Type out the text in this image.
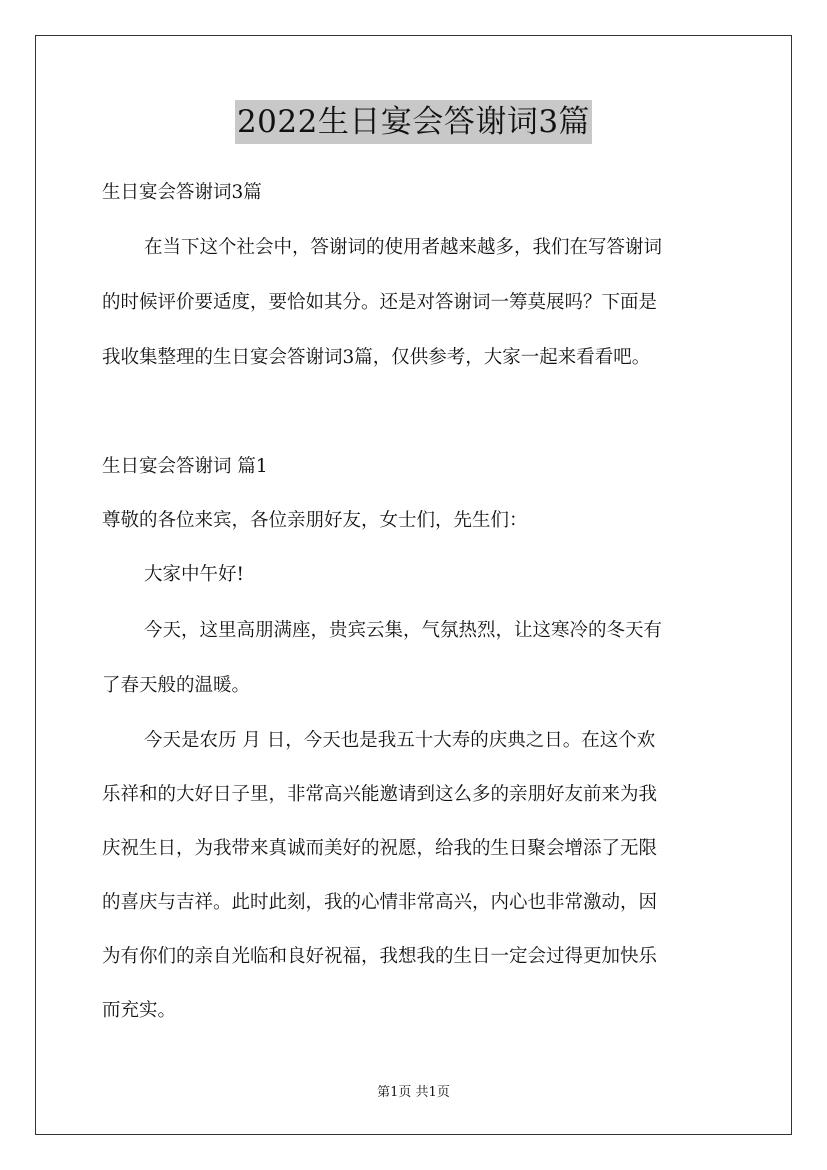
2022生日宴会答谢词3篇
生日宴会答谢词3篇
在当下这个社会中，答谢词的使用者越来越多，我们在写答谢词
的时候评价要适度，要恰如其分。还是对答谢词一筹莫展吗？下面是
我收集整理的生日宴会答谢词3篇，仅供参考，大家一起来看看吧。
生日宴会答谢词 篇1
尊敬的各位来宾，各位亲朋好友，女士们，先生们：
大家中午好!
今天，这里高朋满座，贵宾云集，气氛热烈，让这寒冷的冬天有
了春天般的温暖。
今天是农历 月 日，今天也是我五十大寿的庆典之日。在这个欢
乐祥和的大好日子里，非常高兴能邀请到这么多的亲朋好友前来为我
庆祝生日，为我带来真诚而美好的祝愿，给我的生日聚会增添了无限
的喜庆与吉祥。此时此刻，我的心情非常高兴，内心也非常激动，因
为有你们的亲自光临和良好祝福，我想我的生日一定会过得更加快乐
而充实。
第1页 共1页
